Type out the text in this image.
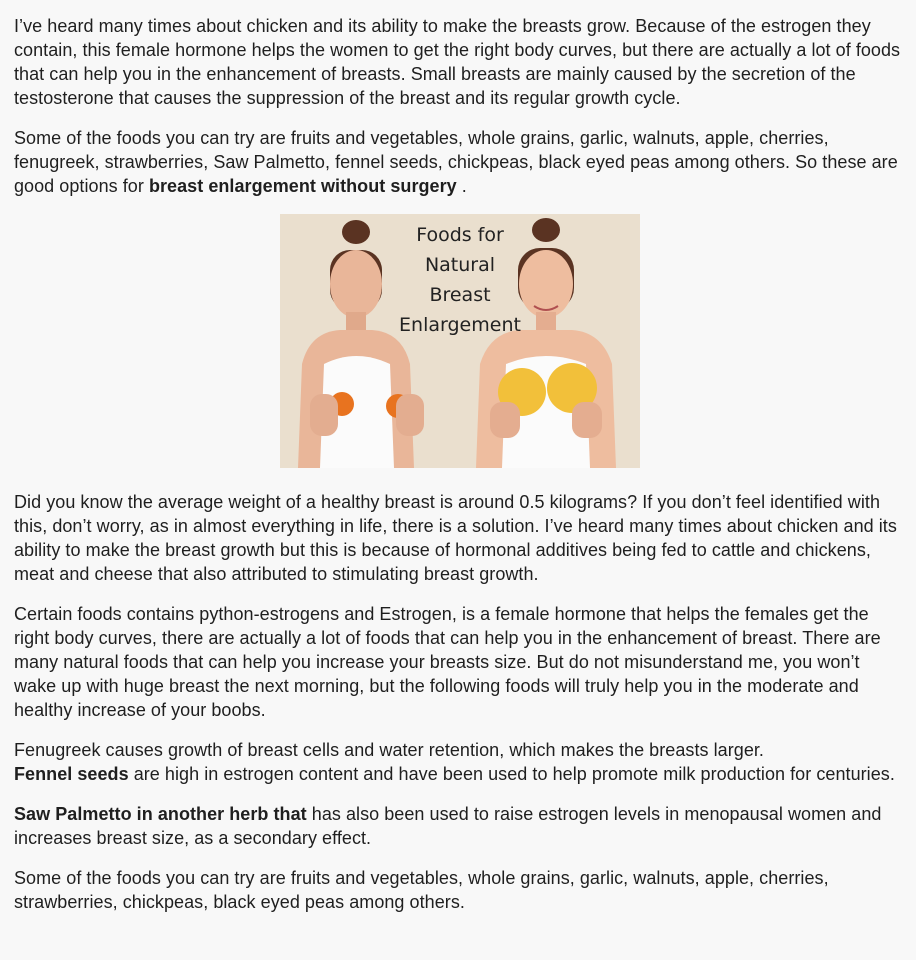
I’ve heard many times about chicken and its ability to make the breasts grow. Because of the estrogen they contain, this female hormone helps the women to get the right body curves, but there are actually a lot of foods that can help you in the enhancement of breasts. Small breasts are mainly caused by the secretion of the testosterone that causes the suppression of the breast and its regular growth cycle.

Some of the foods you can try are fruits and vegetables, whole grains, garlic, walnuts, apple, cherries, fenugreek, strawberries, Saw Palmetto, fennel seeds, chickpeas, black eyed peas among others. So these are good options for breast enlargement without surgery .

Foods for
Natural
Breast
Enlargement

Did you know the average weight of a healthy breast is around 0.5 kilograms? If you don’t feel identified with this, don’t worry, as in almost everything in life, there is a solution. I’ve heard many times about chicken and its ability to make the breast growth but this is because of hormonal additives being fed to cattle and chickens, meat and cheese that also attributed to stimulating breast growth.

Certain foods contains python-estrogens and Estrogen, is a female hormone that helps the females get the right body curves, there are actually a lot of foods that can help you in the enhancement of breast. There are many natural foods that can help you increase your breasts size. But do not misunderstand me, you won’t wake up with huge breast the next morning, but the following foods will truly help you in the moderate and healthy increase of your boobs.

Fenugreek causes growth of breast cells and water retention, which makes the breasts larger.

Fennel seeds are high in estrogen content and have been used to help promote milk production for centuries.

Saw Palmetto in another herb that has also been used to raise estrogen levels in menopausal women and increases breast size, as a secondary effect.

Some of the foods you can try are fruits and vegetables, whole grains, garlic, walnuts, apple, cherries, strawberries, chickpeas, black eyed peas among others.
